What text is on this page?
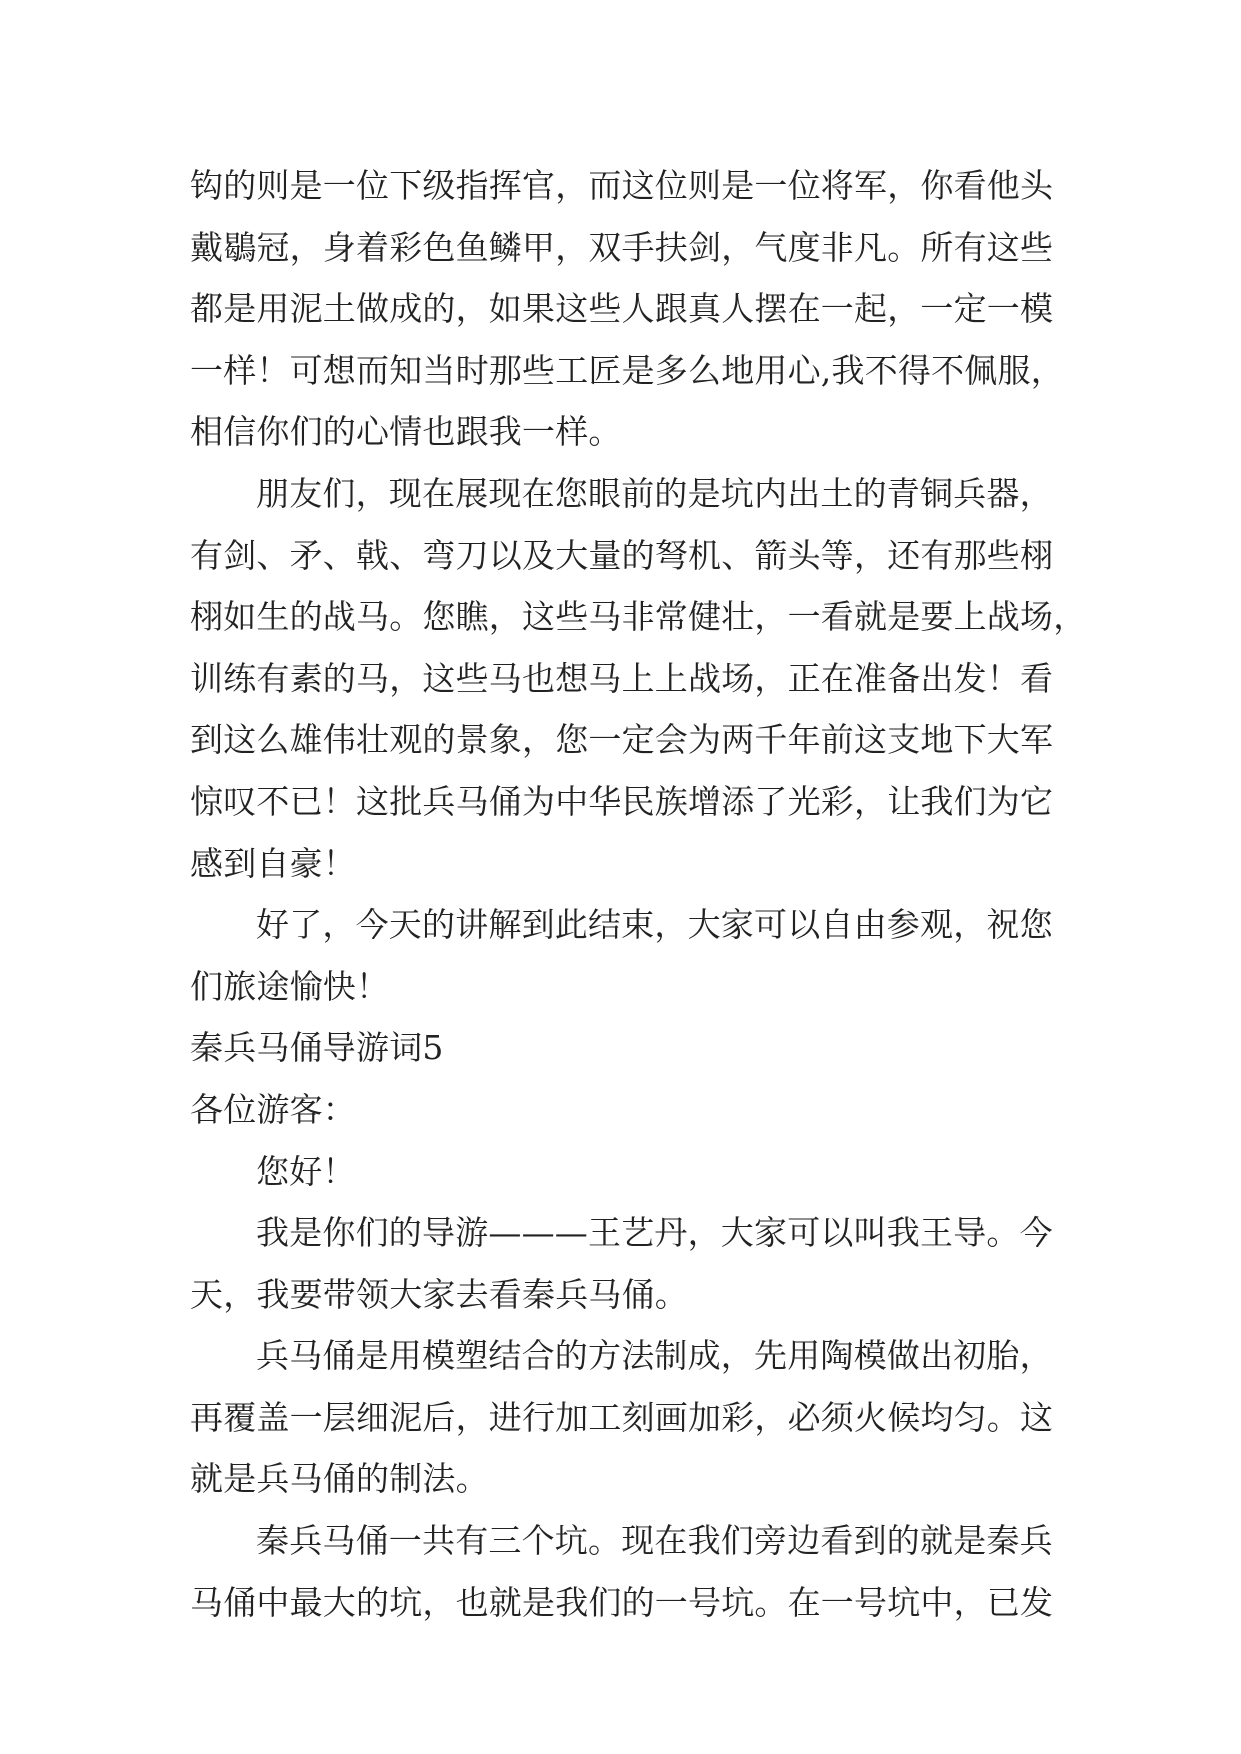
钩的则是一位下级指挥官，而这位则是一位将军，你看他头
戴鶡冠，身着彩色鱼鳞甲，双手扶剑，气度非凡。所有这些
都是用泥土做成的，如果这些人跟真人摆在一起，一定一模
一样！可想而知当时那些工匠是多么地用心,我不得不佩服，
相信你们的心情也跟我一样。
朋友们，现在展现在您眼前的是坑内出土的青铜兵器，
有剑、矛、戟、弯刀以及大量的弩机、箭头等，还有那些栩
栩如生的战马。您瞧，这些马非常健壮，一看就是要上战场，
训练有素的马，这些马也想马上上战场，正在准备出发！看
到这么雄伟壮观的景象，您一定会为两千年前这支地下大军
惊叹不已！这批兵马俑为中华民族增添了光彩，让我们为它
感到自豪！
好了，今天的讲解到此结束，大家可以自由参观，祝您
们旅途愉快！
秦兵马俑导游词5
各位游客：
您好！
我是你们的导游———王艺丹，大家可以叫我王导。今
天，我要带领大家去看秦兵马俑。
兵马俑是用模塑结合的方法制成，先用陶模做出初胎，
再覆盖一层细泥后，进行加工刻画加彩，必须火候均匀。这
就是兵马俑的制法。
秦兵马俑一共有三个坑。现在我们旁边看到的就是秦兵
马俑中最大的坑，也就是我们的一号坑。在一号坑中，已发
